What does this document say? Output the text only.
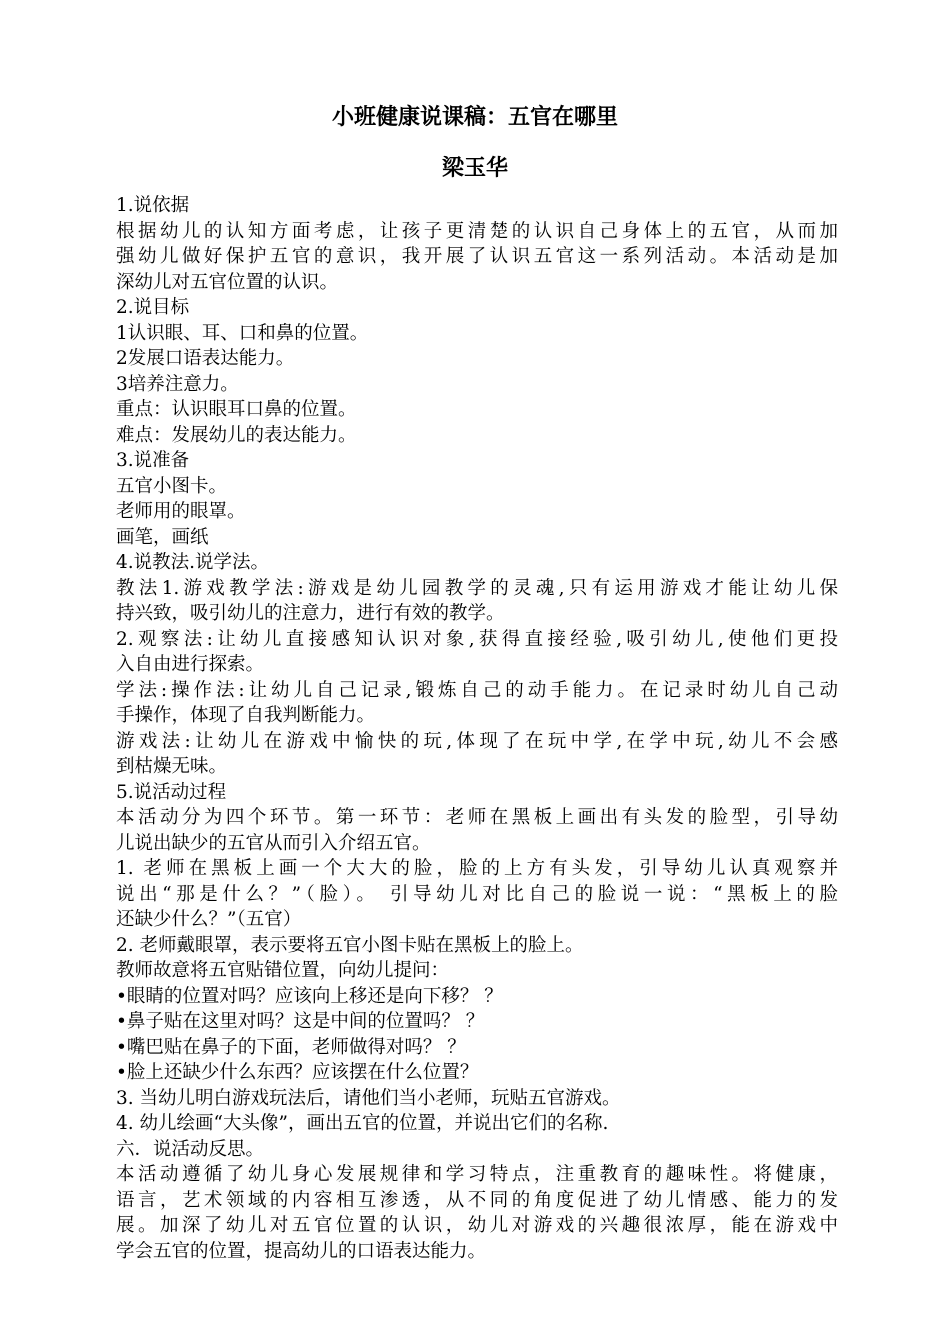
小班健康说课稿：五官在哪里
梁玉华
1.说依据
根据幼儿的认知方面考虑，让孩子更清楚的认识自己身体上的五官，从而加
强幼儿做好保护五官的意识，我开展了认识五官这一系列活动。本活动是加
深幼儿对五官位置的认识。
2.说目标
1认识眼、耳、口和鼻的位置。
2发展口语表达能力。
3培养注意力。
重点：认识眼耳口鼻的位置。
难点：发展幼儿的表达能力。
3.说准备
五官小图卡。
老师用的眼罩。
画笔，画纸
4.说教法.说学法。
教法1.游戏教学法:游戏是幼儿园教学的灵魂,只有运用游戏才能让幼儿保
持兴致，吸引幼儿的注意力，进行有效的教学。
2.观察法:让幼儿直接感知认识对象,获得直接经验,吸引幼儿,使他们更投
入自由进行探索。
学法:操作法:让幼儿自己记录,锻炼自己的动手能力。在记录时幼儿自己动
手操作，体现了自我判断能力。
游戏法:让幼儿在游戏中愉快的玩,体现了在玩中学,在学中玩,幼儿不会感
到枯燥无味。
5.说活动过程
本活动分为四个环节。第一环节：老师在黑板上画出有头发的脸型，引导幼
儿说出缺少的五官从而引入介绍五官。
1. 老师在黑板上画一个大大的脸，脸的上方有头发，引导幼儿认真观察并
说出“那是什么？”（脸）。 引导幼儿对比自己的脸说一说：“黑板上的脸
还缺少什么？”（五官）
2. 老师戴眼罩，表示要将五官小图卡贴在黑板上的脸上。
教师故意将五官贴错位置，向幼儿提问：
•眼睛的位置对吗？应该向上移还是向下移？ ？
•鼻子贴在这里对吗？这是中间的位置吗？ ？
•嘴巴贴在鼻子的下面，老师做得对吗？ ？
•脸上还缺少什么东西？应该摆在什么位置？
3. 当幼儿明白游戏玩法后，请他们当小老师，玩贴五官游戏。
4. 幼儿绘画“大头像”，画出五官的位置，并说出它们的名称.
六．说活动反思。
本活动遵循了幼儿身心发展规律和学习特点，注重教育的趣味性。将健康，
语言，艺术领域的内容相互渗透，从不同的角度促进了幼儿情感、能力的发
展。加深了幼儿对五官位置的认识，幼儿对游戏的兴趣很浓厚，能在游戏中
学会五官的位置，提高幼儿的口语表达能力。
